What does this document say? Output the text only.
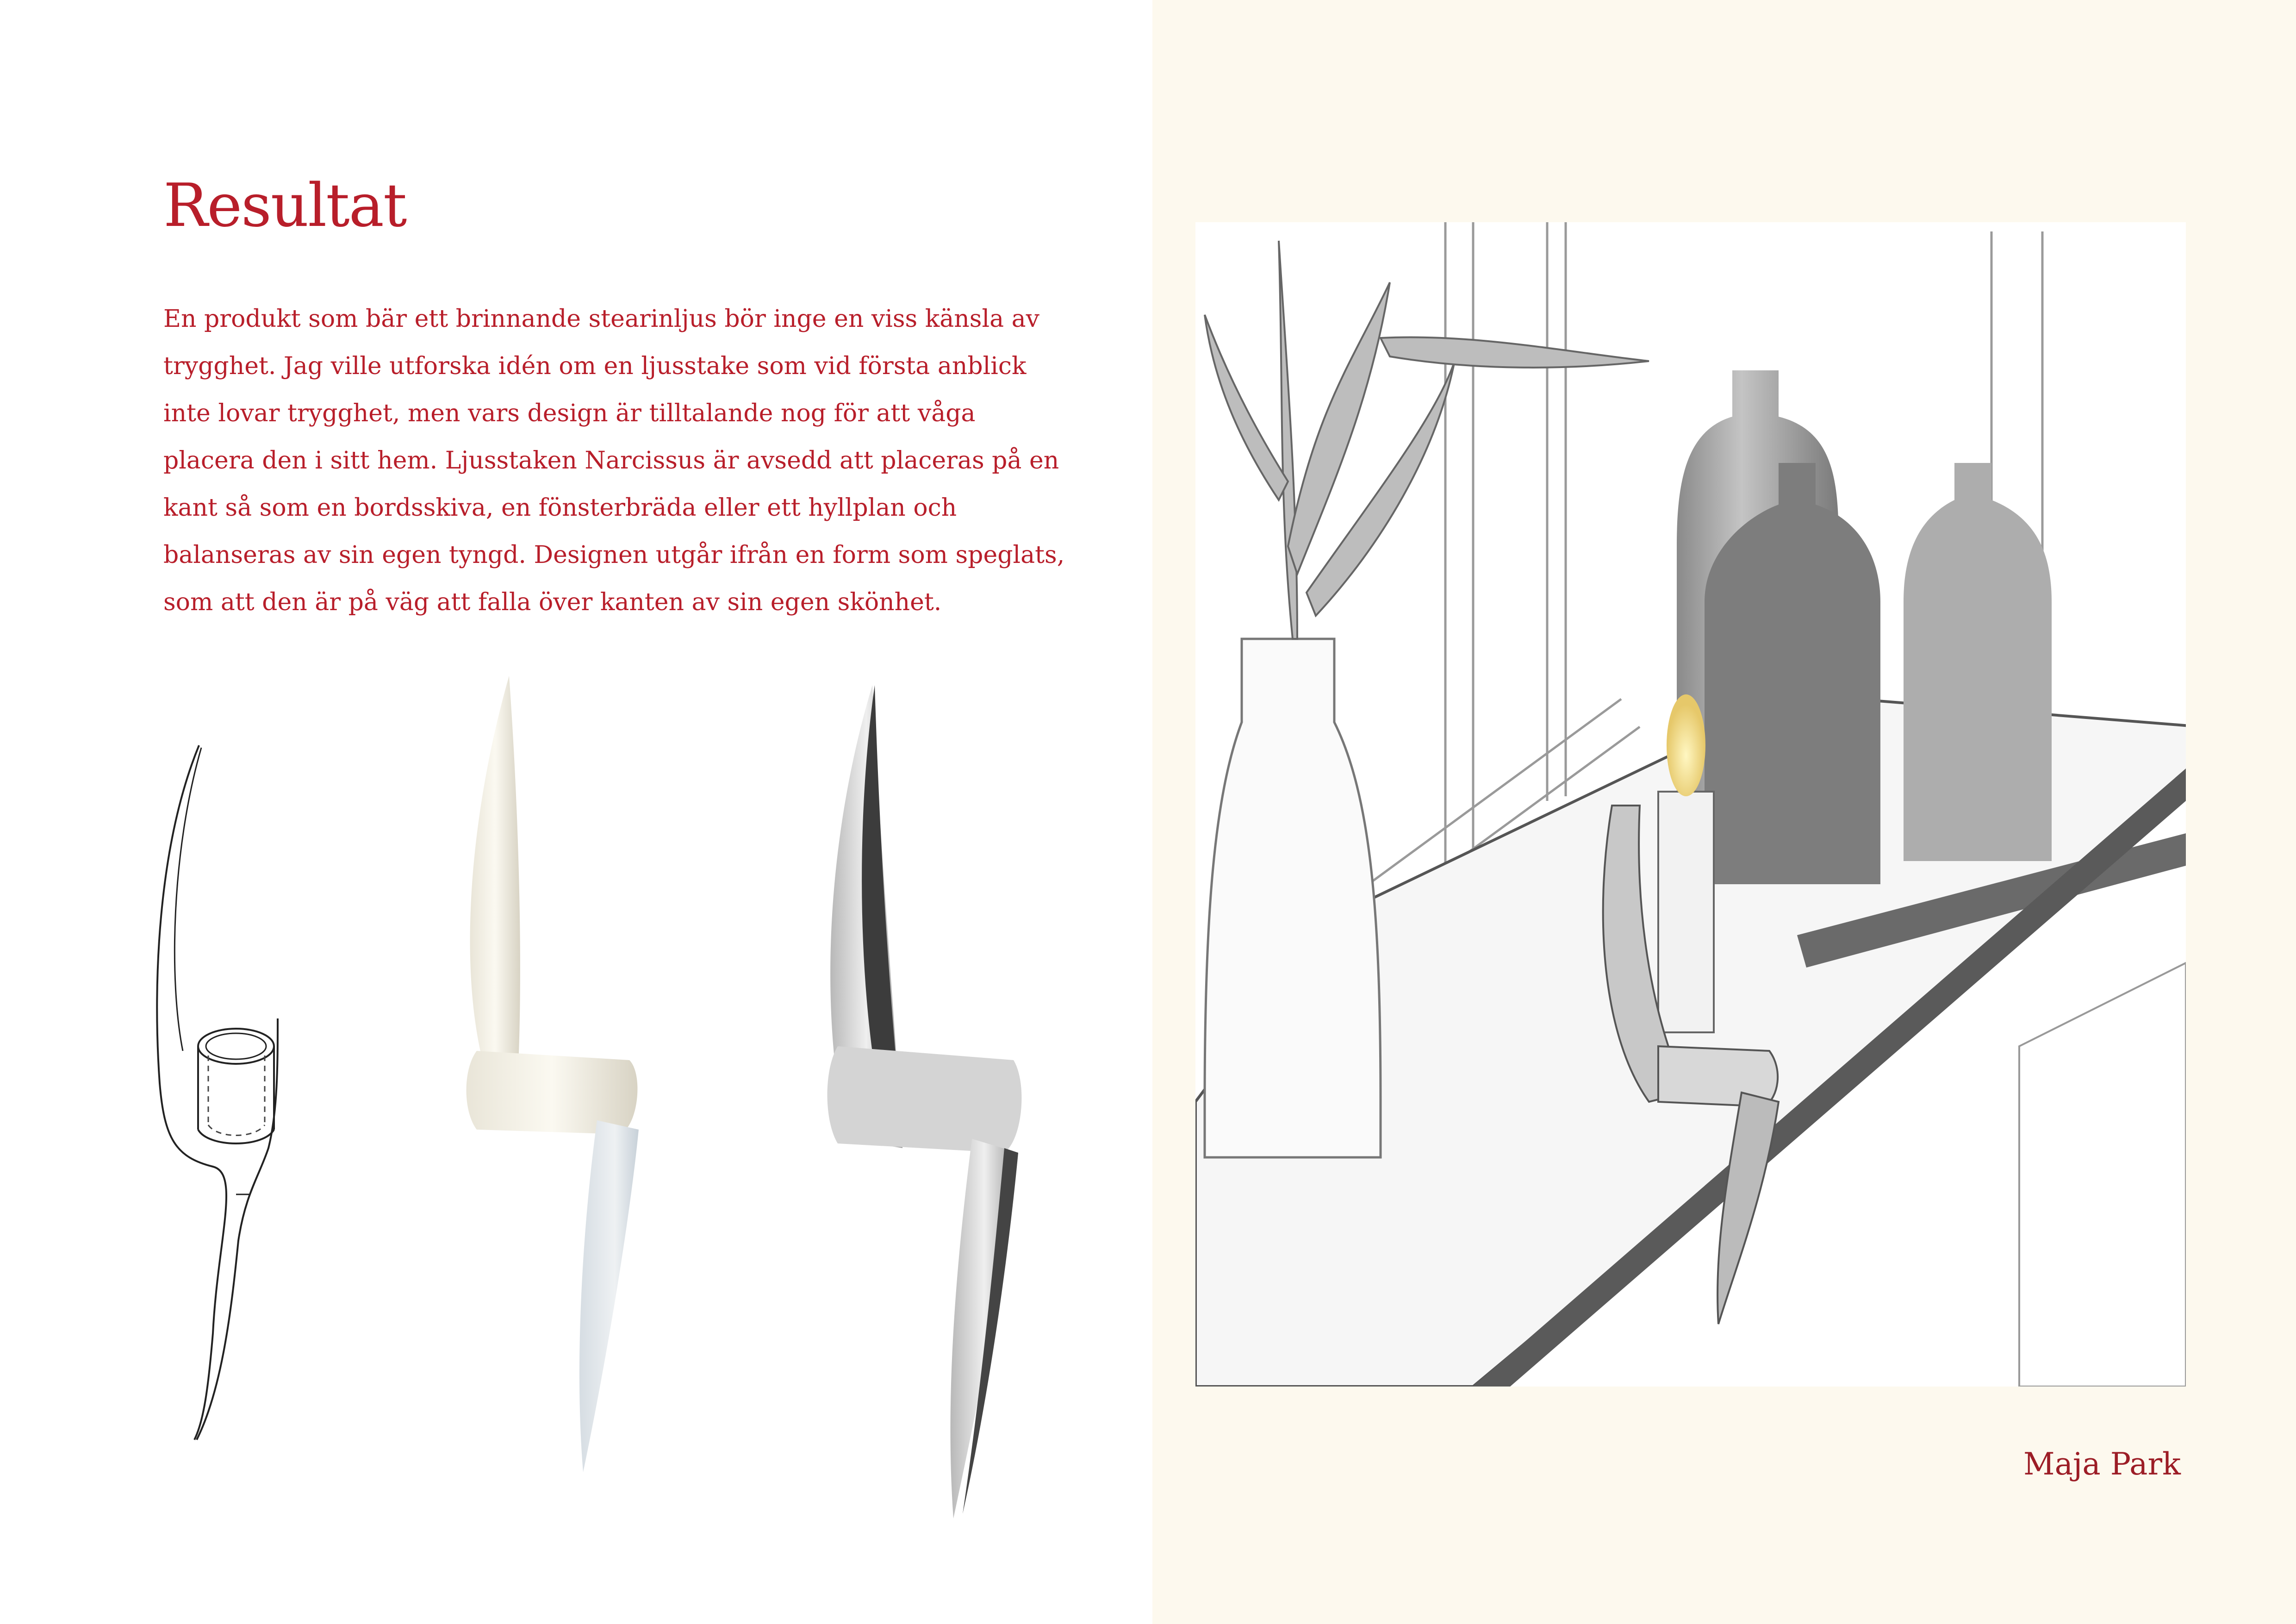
Resultat
En produkt som bär ett brinnande stearinljus bör inge en viss känsla av
trygghet. Jag ville utforska idén om en ljusstake som vid första anblick
inte lovar trygghet, men vars design är tilltalande nog för att våga
placera den i sitt hem. Ljusstaken Narcissus är avsedd att placeras på en
kant så som en bordsskiva, en fönsterbräda eller ett hyllplan och
balanseras av sin egen tyngd. Designen utgår ifrån en form som speglats,
som att den är på väg att falla över kanten av sin egen skönhet.
Maja Park
